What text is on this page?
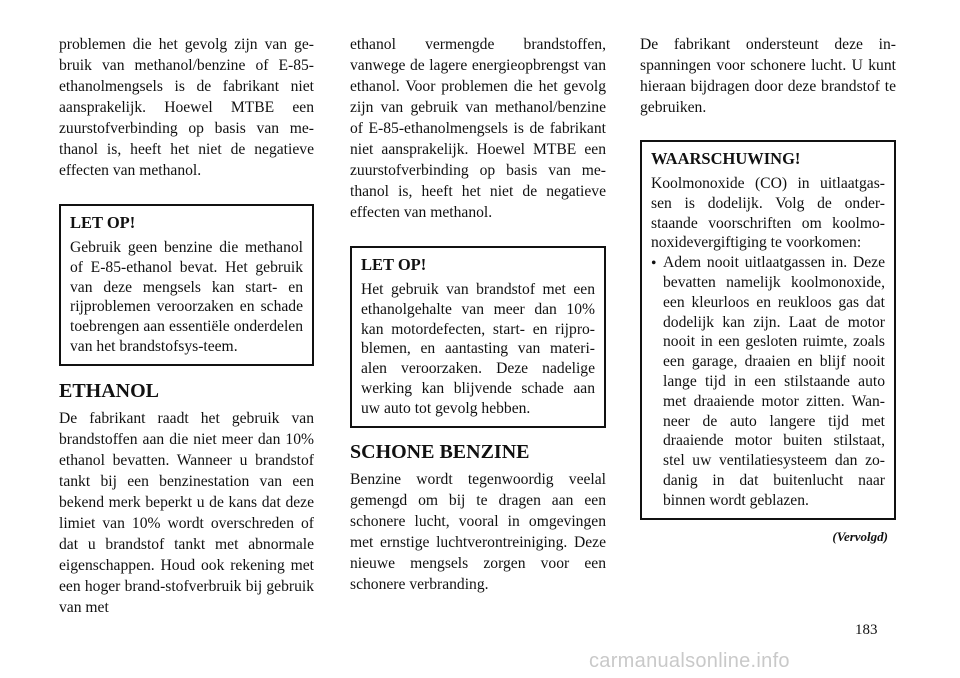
problemen die het gevolg zijn van ge-bruik van methanol/benzine of E-85-ethanolmengsels is de fabrikant niet aansprakelijk. Hoewel MTBE een zuurstofverbinding op basis van me-thanol is, heeft het niet de negatieve effecten van methanol.

LET OP!

Gebruik geen benzine die methanol of E-85-ethanol bevat. Het gebruik van deze mengsels kan start- en rijproblemen veroorzaken en schade toebrengen aan essentiële onderdelen van het brandstofsys-teem.

ETHANOL

De fabrikant raadt het gebruik van brandstoffen aan die niet meer dan 10% ethanol bevatten. Wanneer u brandstof tankt bij een benzinestation van een bekend merk beperkt u de kans dat deze limiet van 10% wordt overschreden of dat u brandstof tankt met abnormale eigenschappen. Houd ook rekening met een hoger brand-stofverbruik bij gebruik van met

ethanol vermengde brandstoffen, vanwege de lagere energieopbrengst van ethanol. Voor problemen die het gevolg zijn van gebruik van methanol/benzine of E-85-ethanolmengsels is de fabrikant niet aansprakelijk. Hoewel MTBE een zuurstofverbinding op basis van me-thanol is, heeft het niet de negatieve effecten van methanol.

LET OP!

Het gebruik van brandstof met een ethanolgehalte van meer dan 10% kan motordefecten, start- en rijpro-blemen, en aantasting van materi-alen veroorzaken. Deze nadelige werking kan blijvende schade aan uw auto tot gevolg hebben.

SCHONE BENZINE

Benzine wordt tegenwoordig veelal gemengd om bij te dragen aan een schonere lucht, vooral in omgevingen met ernstige luchtverontreiniging. Deze nieuwe mengsels zorgen voor een schonere verbranding.

De fabrikant ondersteunt deze in-spanningen voor schonere lucht. U kunt hieraan bijdragen door deze brandstof te gebruiken.

WAARSCHUWING!

Koolmonoxide (CO) in uitlaatgas-sen is dodelijk. Volg de onder-staande voorschriften om koolmo-noxidevergiftiging te voorkomen:

• Adem nooit uitlaatgassen in. Deze bevatten namelijk koolmonoxide, een kleurloos en reukloos gas dat dodelijk kan zijn. Laat de motor nooit in een gesloten ruimte, zoals een garage, draaien en blijf nooit lange tijd in een stilstaande auto met draaiende motor zitten. Wan-neer de auto langere tijd met draaiende motor buiten stilstaat, stel uw ventilatiesysteem dan zo-danig in dat buitenlucht naar binnen wordt geblazen.
(Vervolgd)
183
carmanualsonline.info
